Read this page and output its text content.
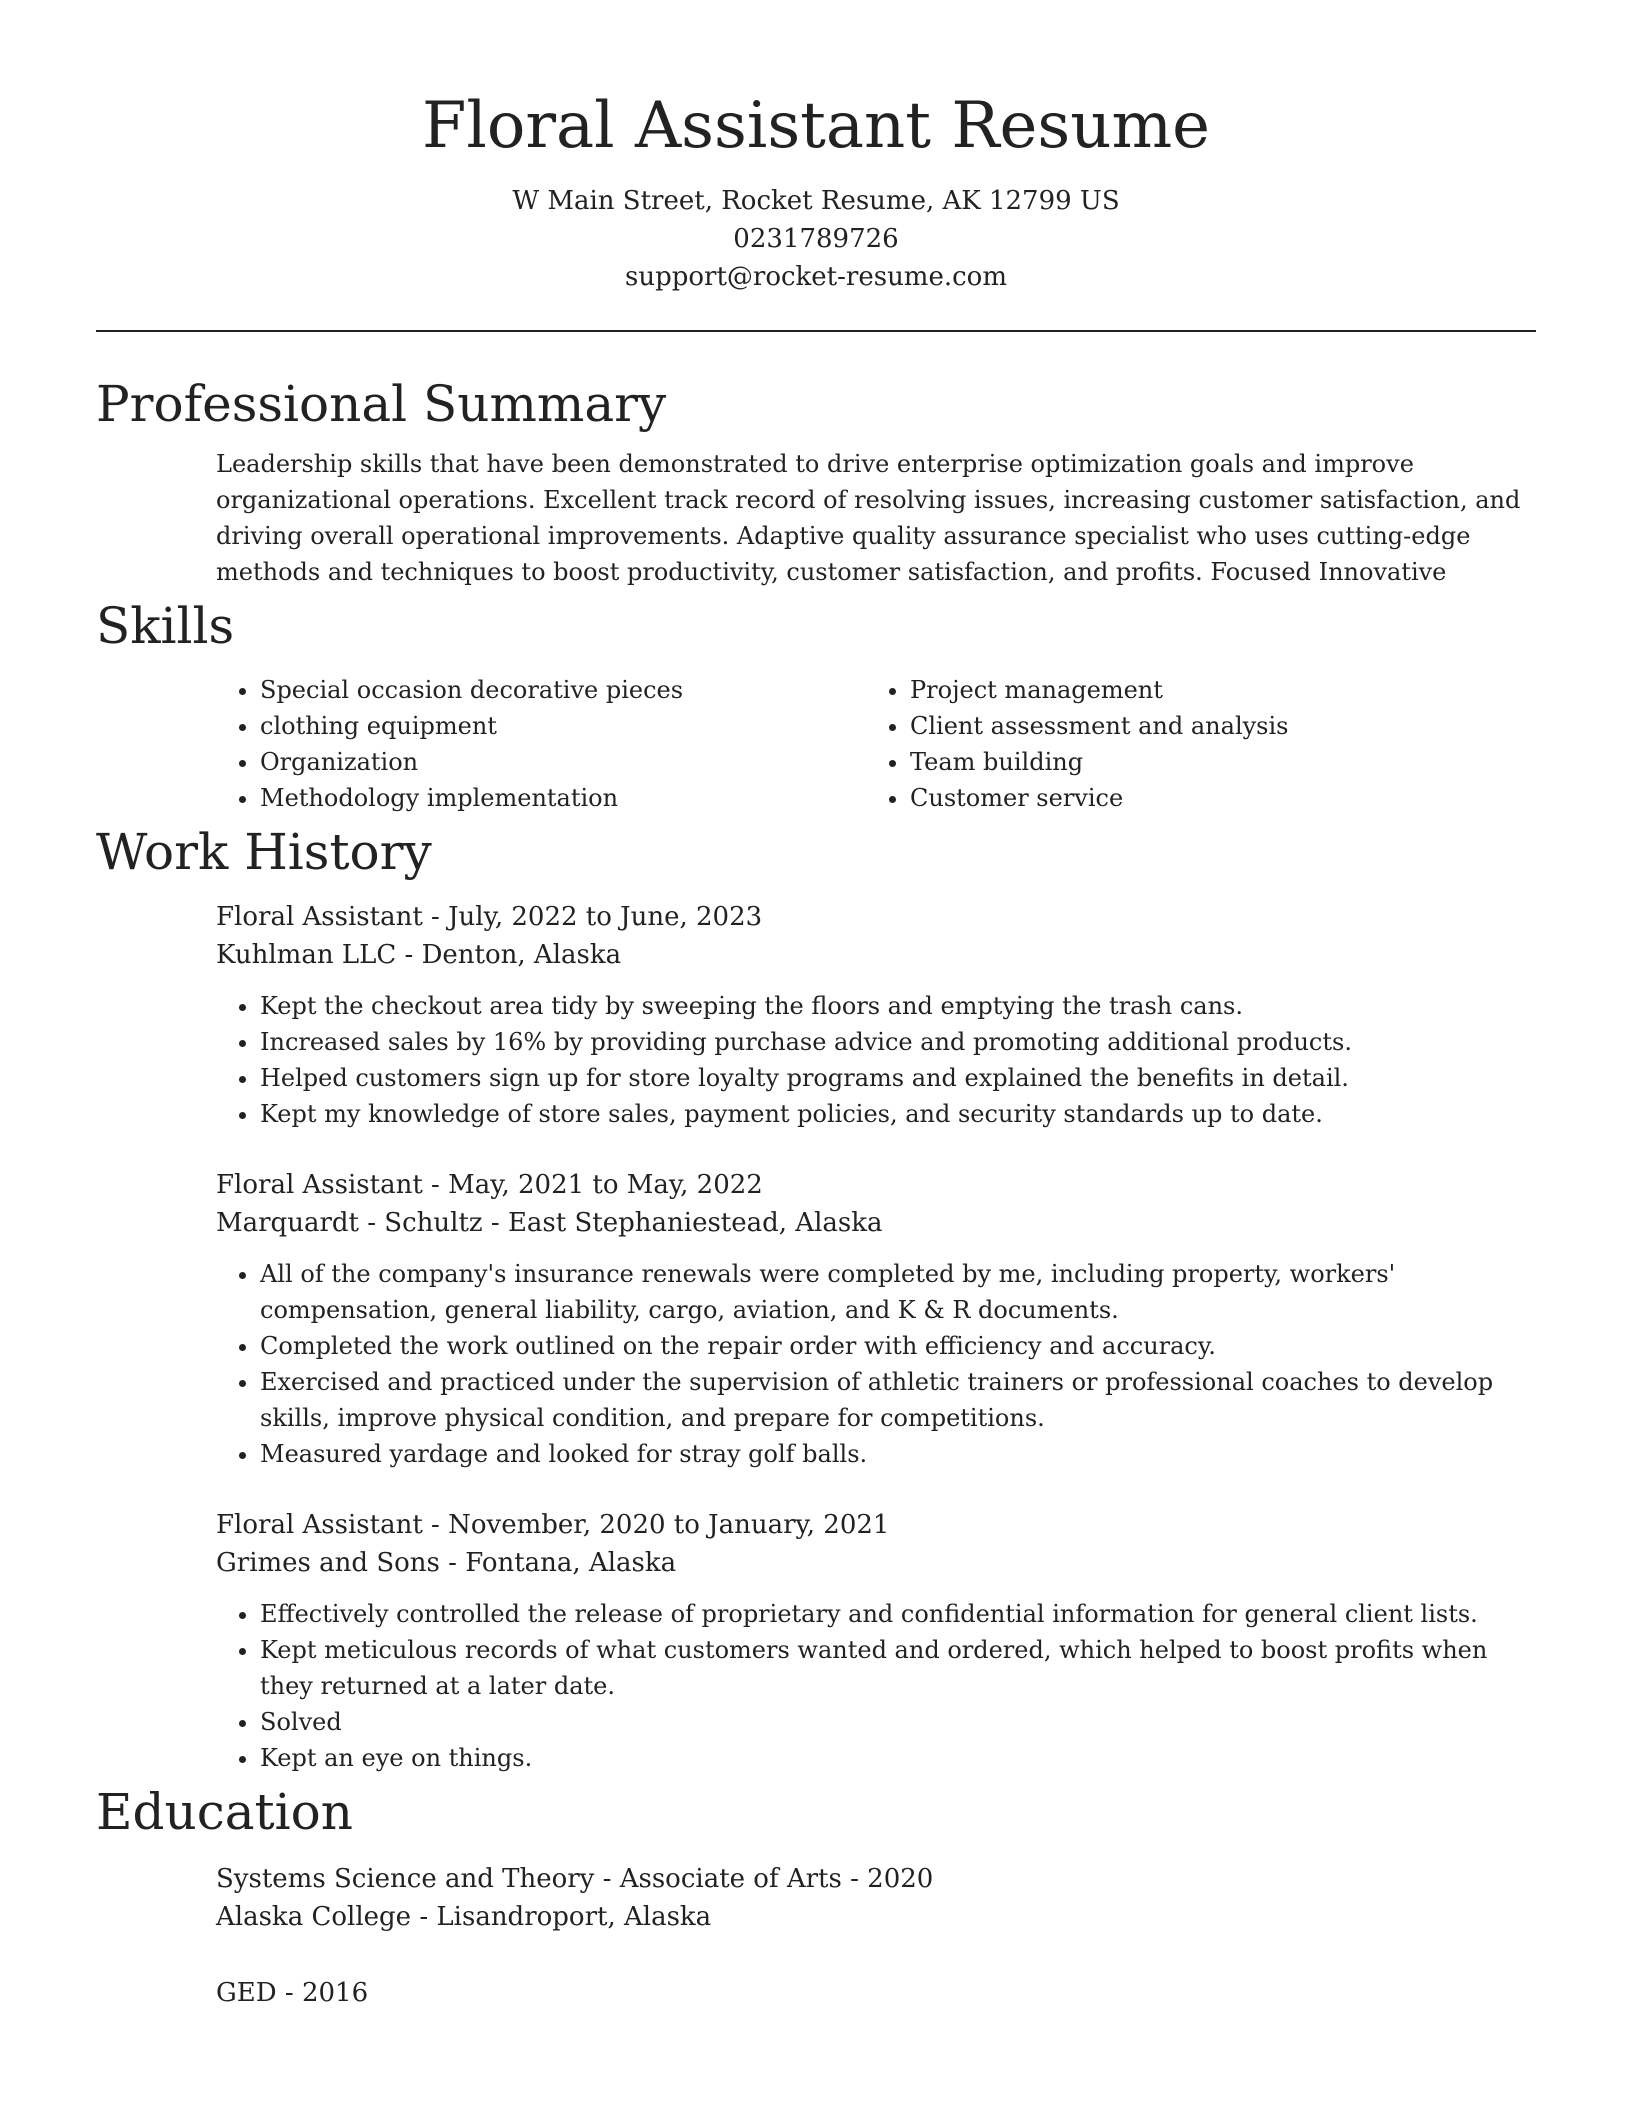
Floral Assistant Resume
W Main Street, Rocket Resume, AK 12799 US
0231789726
support@rocket-resume.com
Professional Summary
Leadership skills that have been demonstrated to drive enterprise optimization goals and improve organizational operations. Excellent track record of resolving issues, increasing customer satisfaction, and driving overall operational improvements. Adaptive quality assurance specialist who uses cutting-edge methods and techniques to boost productivity, customer satisfaction, and profits. Focused Innovative
Skills
• Special occasion decorative pieces
• clothing equipment
• Organization
• Methodology implementation
• Project management
• Client assessment and analysis
• Team building
• Customer service
Work History
Floral Assistant - July, 2022 to June, 2023
Kuhlman LLC - Denton, Alaska
• Kept the checkout area tidy by sweeping the floors and emptying the trash cans.
• Increased sales by 16% by providing purchase advice and promoting additional products.
• Helped customers sign up for store loyalty programs and explained the benefits in detail.
• Kept my knowledge of store sales, payment policies, and security standards up to date.
Floral Assistant - May, 2021 to May, 2022
Marquardt - Schultz - East Stephaniestead, Alaska
• All of the company's insurance renewals were completed by me, including property, workers' compensation, general liability, cargo, aviation, and K & R documents.
• Completed the work outlined on the repair order with efficiency and accuracy.
• Exercised and practiced under the supervision of athletic trainers or professional coaches to develop skills, improve physical condition, and prepare for competitions.
• Measured yardage and looked for stray golf balls.
Floral Assistant - November, 2020 to January, 2021
Grimes and Sons - Fontana, Alaska
• Effectively controlled the release of proprietary and confidential information for general client lists.
• Kept meticulous records of what customers wanted and ordered, which helped to boost profits when they returned at a later date.
• Solved
• Kept an eye on things.
Education
Systems Science and Theory - Associate of Arts - 2020
Alaska College - Lisandroport, Alaska
GED - 2016
